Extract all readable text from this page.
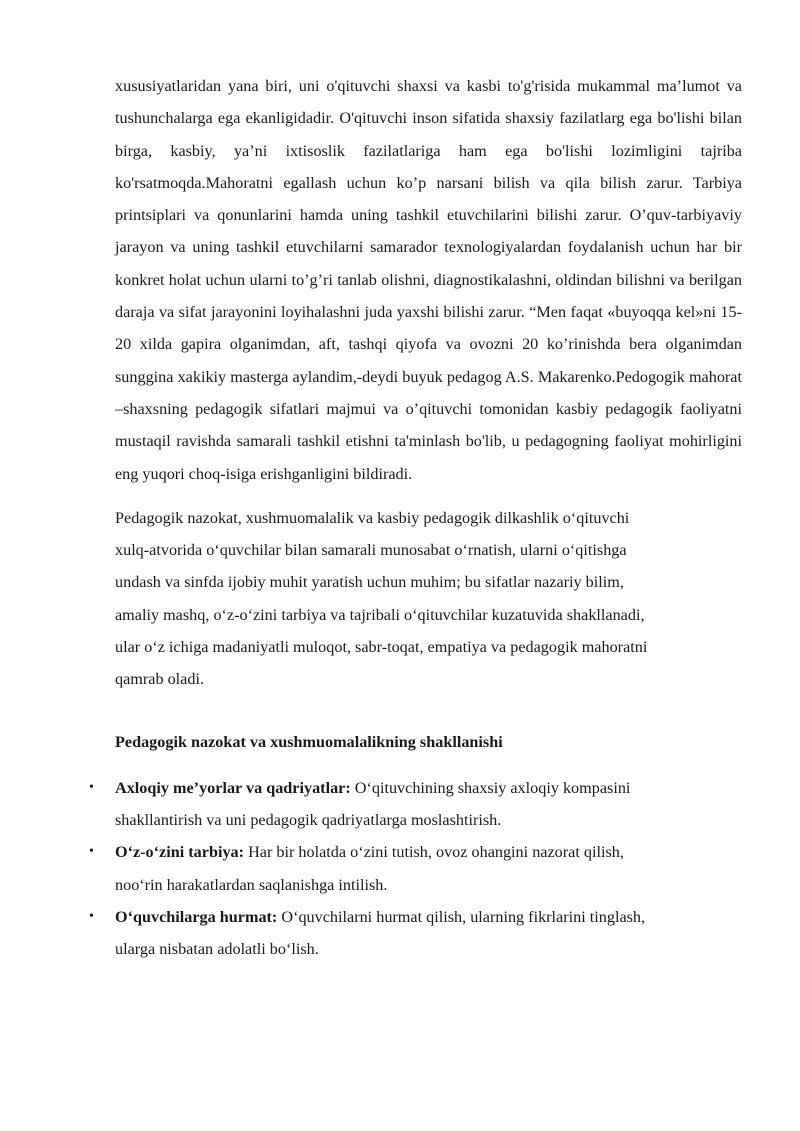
xususiyatlaridan yana biri, uni o'qituvchi shaxsi va kasbi to'g'risida mukammal ma’lumot va tushunchalarga ega ekanligidadir. O'qituvchi inson sifatida shaxsiy fazilatlarg ega bo'lishi bilan birga, kasbiy, ya’ni ixtisoslik fazilatlariga ham ega bo'lishi lozimligini tajriba ko'rsatmoqda.Mahoratni egallash uchun ko’p narsani bilish va qila bilish zarur. Tarbiya printsiplari va qonunlarini hamda uning tashkil etuvchilarini bilishi zarur. O’quv-tarbiyaviy jarayon va uning tashkil etuvchilarni samarador texnologiyalardan foydalanish uchun har bir konkret holat uchun ularni to’g’ri tanlab olishni, diagnostikalashni, oldindan bilishni va berilgan daraja va sifat jarayonini loyihalashni juda yaxshi bilishi zarur. “Men faqat «buyoqqa kel»ni 15-20 xilda gapira olganimdan, aft, tashqi qiyofa va ovozni 20 ko’rinishda bera olganimdan sunggina xakikiy masterga aylandim,-deydi buyuk pedagog A.S. Makarenko.Pedogogik mahorat –shaxsning pedagogik sifatlari majmui va o’qituvchi tomonidan kasbiy pedagogik faoliyatni mustaqil ravishda samarali tashkil etishni ta'minlash bo'lib, u pedagogning faoliyat mohirligini eng yuqori choq-isiga erishganligini bildiradi.

Pedagogik nazokat, xushmuomalalik va kasbiy pedagogik dilkashlik o‘qituvchi
xulq-atvorida o‘quvchilar bilan samarali munosabat o‘rnatish, ularni o‘qitishga
undash va sinfda ijobiy muhit yaratish uchun muhim; bu sifatlar nazariy bilim,
amaliy mashq, o‘z-o‘zini tarbiya va tajribali o‘qituvchilar kuzatuvida shakllanadi,
ular o‘z ichiga madaniyatli muloqot, sabr-toqat, empatiya va pedagogik mahoratni
qamrab oladi.

Pedagogik nazokat va xushmuomalalikning shakllanishi
• Axloqiy me’yorlar va qadriyatlar: O‘qituvchining shaxsiy axloqiy kompasini
shakllantirish va uni pedagogik qadriyatlarga moslashtirish.
• O‘z-o‘zini tarbiya: Har bir holatda o‘zini tutish, ovoz ohangini nazorat qilish,
noo‘rin harakatlardan saqlanishga intilish.
• O‘quvchilarga hurmat: O‘quvchilarni hurmat qilish, ularning fikrlarini tinglash,
ularga nisbatan adolatli bo‘lish.
